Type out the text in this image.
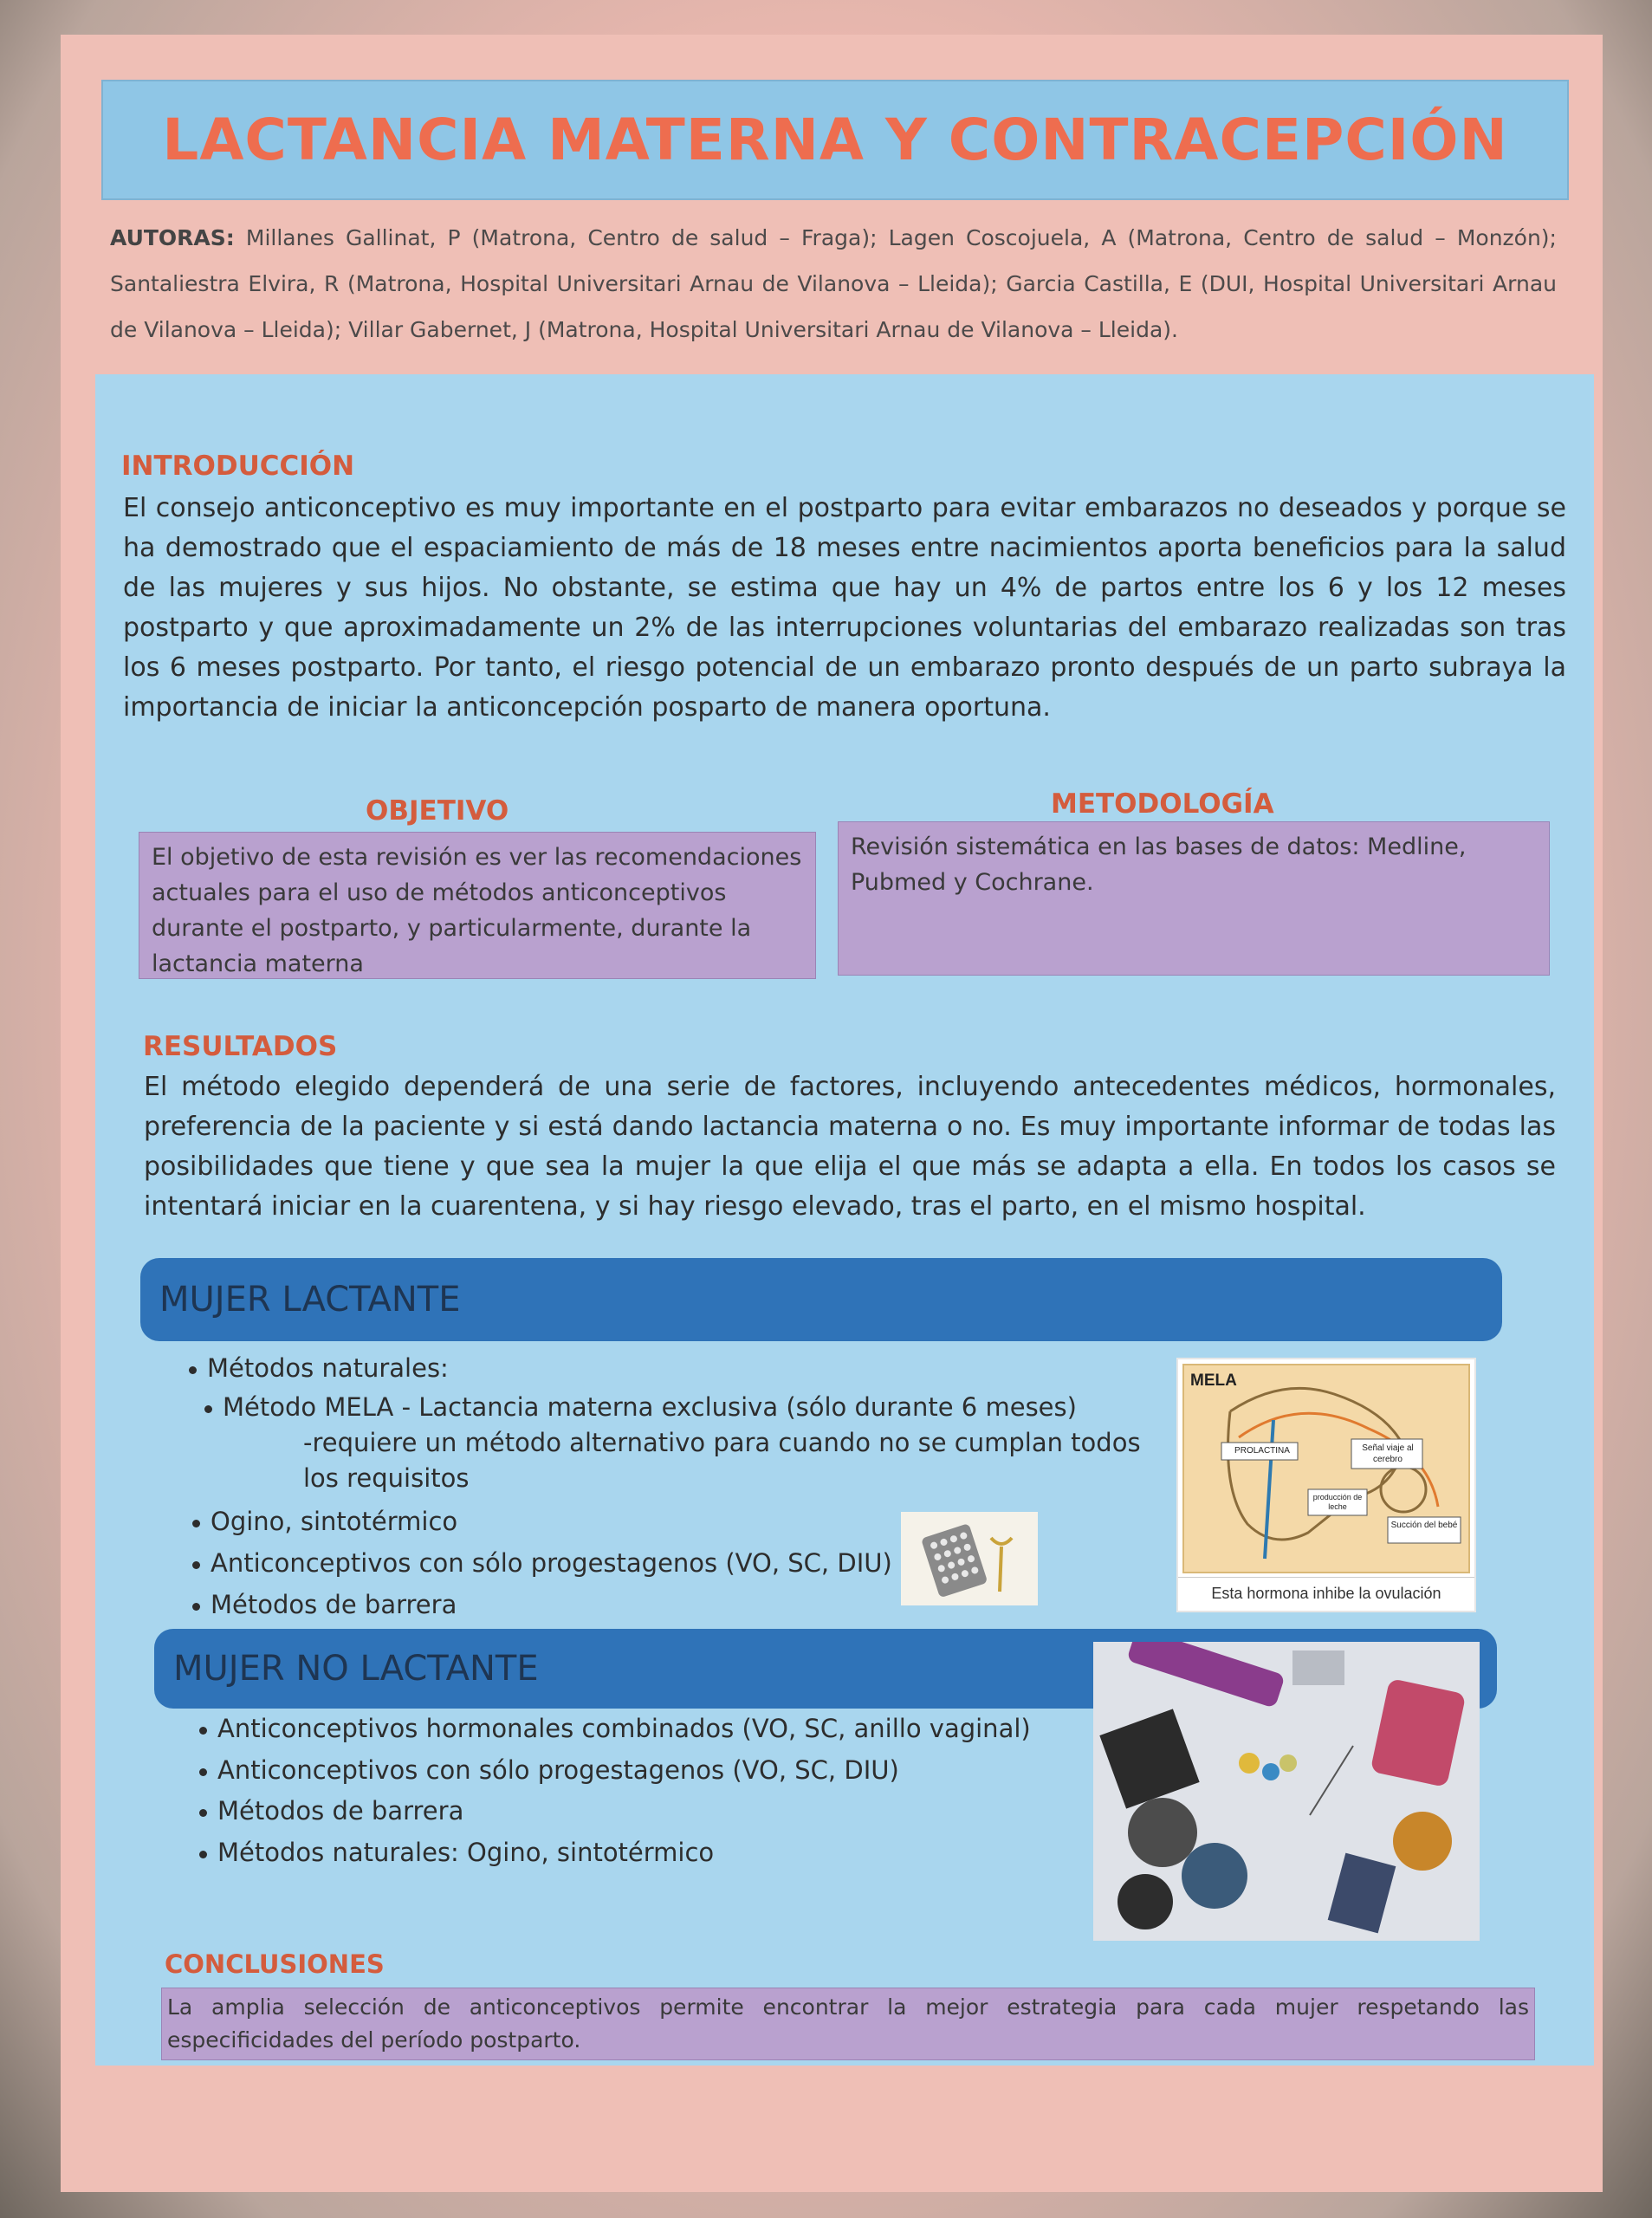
LACTANCIA MATERNA Y CONTRACEPCIÓN
AUTORAS: Millanes Gallinat, P (Matrona, Centro de salud – Fraga); Lagen Coscojuela, A (Matrona, Centro de salud – Monzón); Santaliestra Elvira, R (Matrona, Hospital Universitari Arnau de Vilanova – Lleida); Garcia Castilla, E (DUI, Hospital Universitari Arnau de Vilanova – Lleida); Villar Gabernet, J (Matrona, Hospital Universitari Arnau de Vilanova – Lleida).
INTRODUCCIÓN
El consejo anticonceptivo es muy importante en el postparto para evitar embarazos no deseados y porque se ha demostrado que el espaciamiento de más de 18 meses entre nacimientos aporta beneficios para la salud de las mujeres y sus hijos. No obstante, se estima que hay un 4% de partos entre los 6 y los 12 meses postparto y que aproximadamente un 2% de las interrupciones voluntarias del embarazo realizadas son tras los 6 meses postparto. Por tanto, el riesgo potencial de un embarazo pronto después de un parto subraya la importancia de iniciar la anticoncepción posparto de manera oportuna.
OBJETIVO
El objetivo de esta revisión es ver las recomendaciones actuales para el uso de métodos anticonceptivos durante el postparto, y particularmente, durante la lactancia materna
METODOLOGÍA
Revisión sistemática en las bases de datos: Medline, Pubmed y Cochrane.
RESULTADOS
El método elegido dependerá de una serie de factores, incluyendo antecedentes médicos, hormonales, preferencia de la paciente y si está dando lactancia materna o no. Es muy importante informar de todas las posibilidades que tiene y que sea la mujer la que elija el que más se adapta a ella. En todos los casos se intentará iniciar en la cuarentena, y si hay riesgo elevado, tras el parto, en el mismo hospital.
MUJER LACTANTE
Métodos naturales:
Método MELA - Lactancia materna exclusiva (sólo durante 6 meses)
-requiere un método alternativo para cuando no se cumplan todos
los requisitos
Ogino, sintotérmico
Anticonceptivos con sólo progestagenos (VO, SC, DIU)
Métodos de barrera
MELA
PROLACTINA	Señal viaje al cerebro
producción de leche
Succión del bebé
Esta hormona inhibe la ovulación
MUJER NO LACTANTE
Anticonceptivos hormonales combinados (VO, SC, anillo vaginal)
Anticonceptivos con sólo progestagenos (VO, SC, DIU)
Métodos de barrera
Métodos naturales: Ogino, sintotérmico
CONCLUSIONES
La amplia selección de anticonceptivos permite encontrar la mejor estrategia para cada mujer respetando las especificidades del período postparto.
